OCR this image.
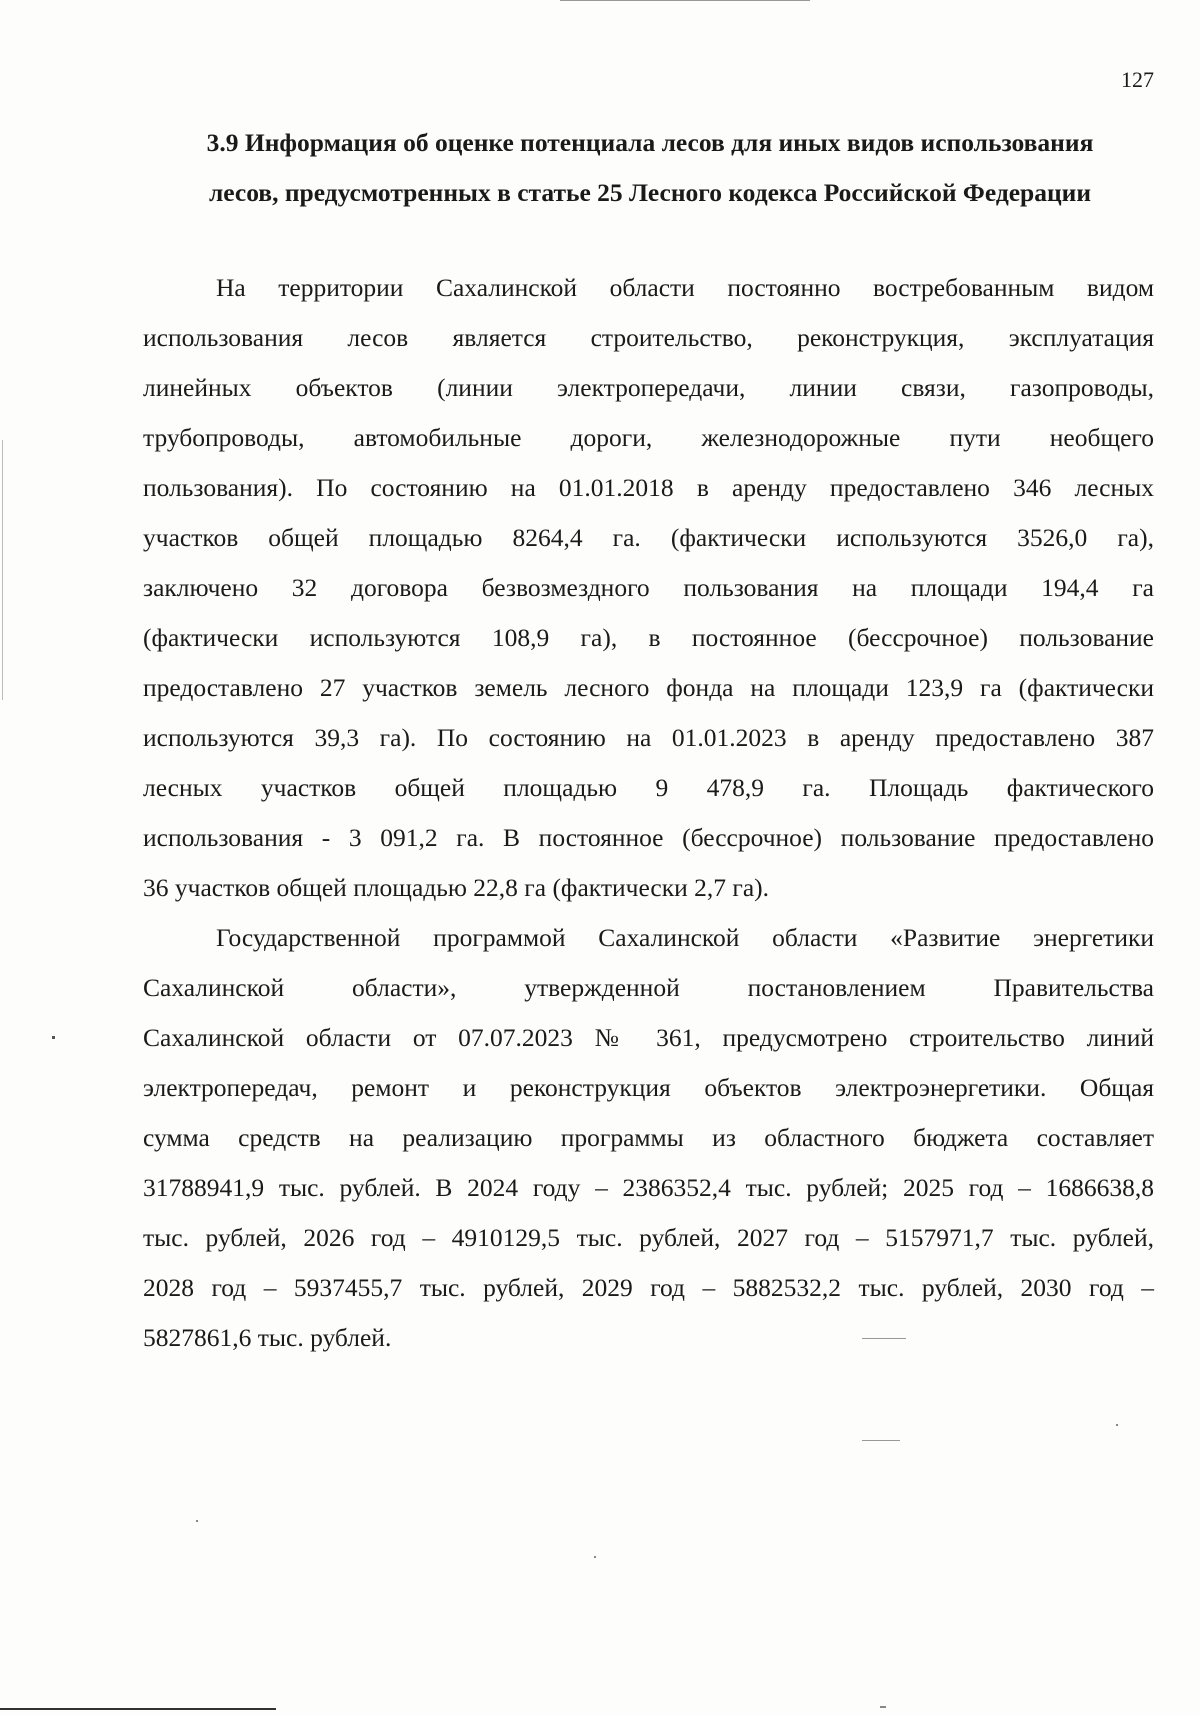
127
3.9 Информация об оценке потенциала лесов для иных видов использования
лесов, предусмотренных в статье 25 Лесного кодекса Российской Федерации
На территории Сахалинской области постоянно востребованным видом
использования лесов является строительство, реконструкция, эксплуатация
линейных объектов (линии электропередачи, линии связи, газопроводы,
трубопроводы, автомобильные дороги, железнодорожные пути необщего
пользования). По состоянию на 01.01.2018 в аренду предоставлено 346 лесных
участков общей площадью 8264,4 га. (фактически используются 3526,0 га),
заключено 32 договора безвозмездного пользования на площади 194,4 га
(фактически используются 108,9 га), в постоянное (бессрочное) пользование
предоставлено 27 участков земель лесного фонда на площади 123,9 га (фактически
используются 39,3 га). По состоянию на 01.01.2023 в аренду предоставлено 387
лесных участков общей площадью 9 478,9 га. Площадь фактического
использования - 3 091,2 га. В постоянное (бессрочное) пользование предоставлено
36 участков общей площадью 22,8 га (фактически 2,7 га).
Государственной программой Сахалинской области «Развитие энергетики
Сахалинской области», утвержденной постановлением Правительства
Сахалинской области от 07.07.2023 № 361, предусмотрено строительство линий
электропередач, ремонт и реконструкция объектов электроэнергетики. Общая
сумма средств на реализацию программы из областного бюджета составляет
31788941,9 тыс. рублей. В 2024 году – 2386352,4 тыс. рублей; 2025 год – 1686638,8
тыс. рублей, 2026 год – 4910129,5 тыс. рублей, 2027 год – 5157971,7 тыс. рублей,
2028 год – 5937455,7 тыс. рублей, 2029 год – 5882532,2 тыс. рублей, 2030 год –
5827861,6 тыс. рублей.
